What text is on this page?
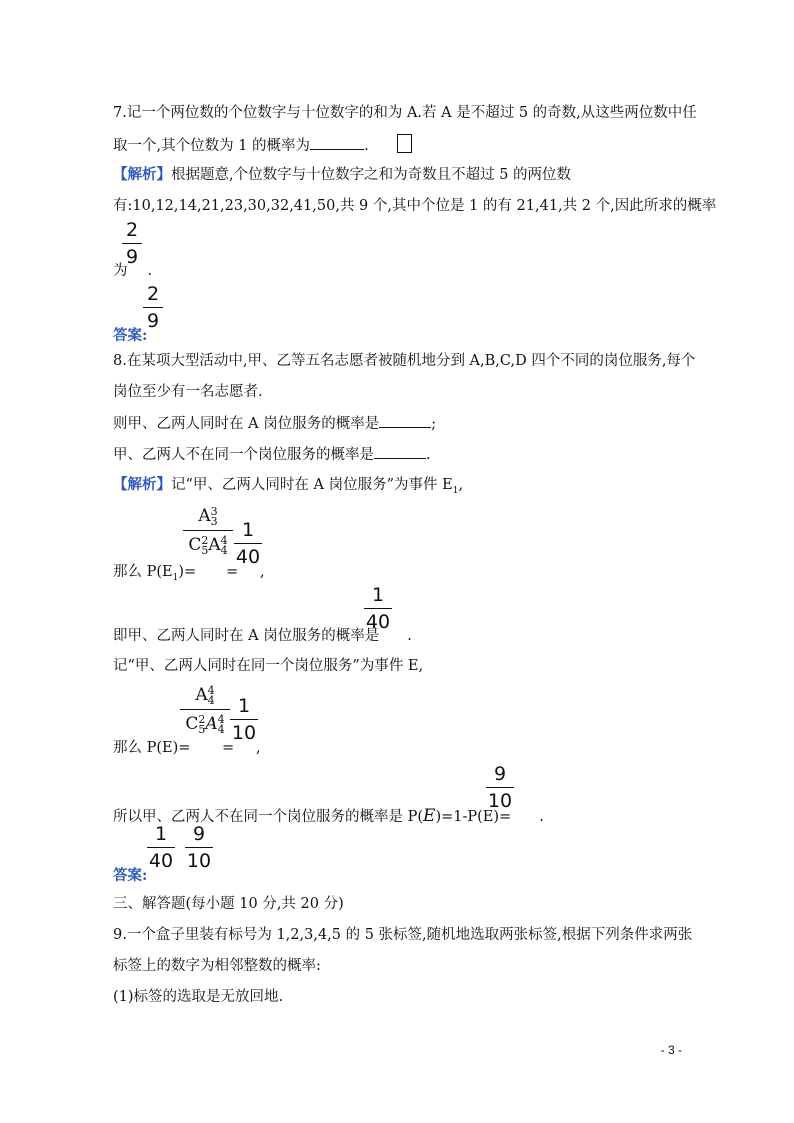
7.记一个两位数的个位数字与十位数字的和为 A.若 A 是不超过 5 的奇数,从这些两位数中任
取一个,其个位数为 1 的概率为	.
【解析】根据题意,个位数字与十位数字之和为奇数且不超过 5 的两位数
有:10,12,14,21,23,30,32,41,50,共 9 个,其中个位是 1 的有 21,41,共 2 个,因此所求的概率
2
9
为 .
2
9
答案:
8.在某项大型活动中,甲、乙等五名志愿者被随机地分到 A,B,C,D 四个不同的岗位服务,每个
岗位至少有一名志愿者.
则甲、乙两人同时在 A 岗位服务的概率是	;
甲、乙两人不在同一个岗位服务的概率是	.
【解析】记“甲、乙两人同时在 A 岗位服务”为事件 $E_1$,
A 3
3
C 2
5 A 4
4
1
40
那么 $P(E_1)=$ = ,
1
40
即甲、乙两人同时在 A 岗位服务的概率是 .
记“甲、乙两人同时在同一个岗位服务”为事件 E,
A 4
4
C 2
5 A 4
4
1
10
那么 P(E)= = ,
9
10
所以甲、乙两人不在同一个岗位服务的概率是 P(E)=1-P(E)= .
1
40
9
10
答案:
三、解答题(每小题 10 分,共 20 分)
9.一个盒子里装有标号为 1,2,3,4,5 的 5 张标签,随机地选取两张标签,根据下列条件求两张
标签上的数字为相邻整数的概率:
(1)标签的选取是无放回地.
- 3 -
